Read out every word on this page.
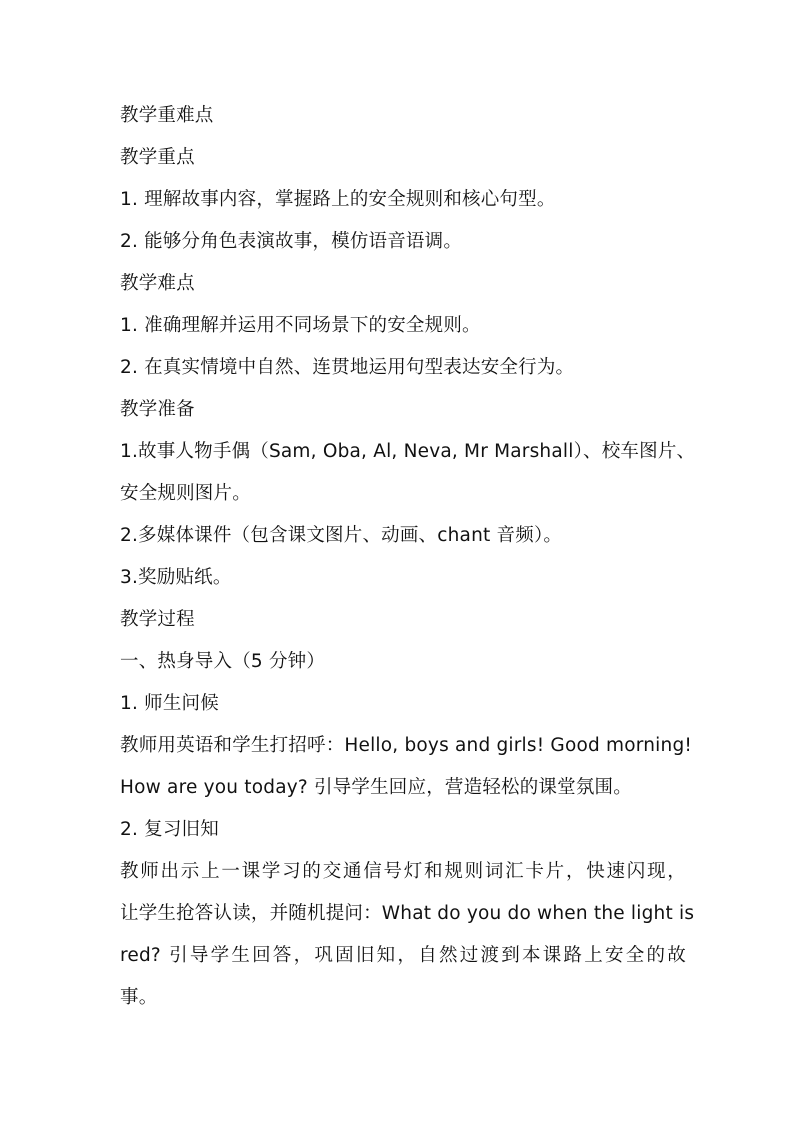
教学重难点
教学重点
1. 理解故事内容，掌握路上的安全规则和核心句型。
2. 能够分角色表演故事，模仿语音语调。
教学难点
1. 准确理解并运用不同场景下的安全规则。
2. 在真实情境中自然、连贯地运用句型表达安全行为。
教学准备
1.故事人物手偶（Sam, Oba, Al, Neva, Mr Marshall）、校车图片、
安全规则图片。
2.多媒体课件（包含课文图片、动画、chant 音频）。
3.奖励贴纸。
教学过程
一、热身导入（5 分钟）
1. 师生问候
教师用英语和学生打招呼：Hello, boys and girls! Good morning!
How are you today? 引导学生回应，营造轻松的课堂氛围。
2. 复习旧知
教师出示上一课学习的交通信号灯和规则词汇卡片，快速闪现，
让学生抢答认读，并随机提问：What do you do when the light is
red? 引导学生回答，巩固旧知，自然过渡到本课路上安全的故
事。
